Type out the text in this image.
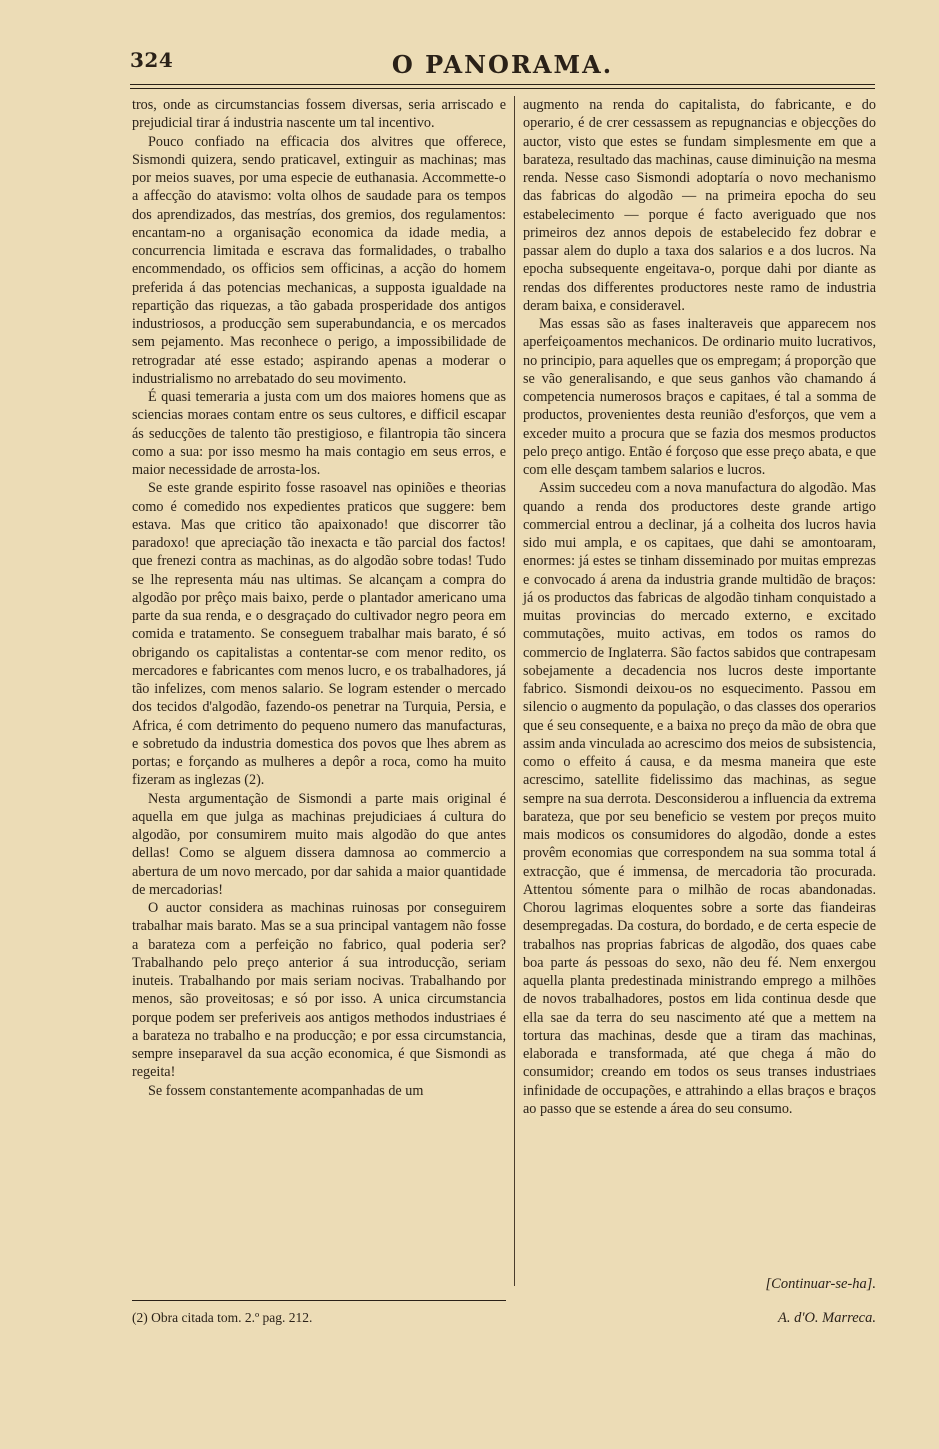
324	O PANORAMA.

tros, onde as circumstancias fossem diversas, seria arriscado e prejudicial tirar á industria nascente um tal incentivo.

Pouco confiado na efficacia dos alvitres que offerece, Sismondi quizera, sendo praticavel, extinguir as machinas; mas por meios suaves, por uma especie de euthanasia. Accommette-o a affecção do atavismo: volta olhos de saudade para os tempos dos aprendizados, das mestrías, dos gremios, dos regulamentos: encantam-no a organisação economica da idade media, a concurrencia limitada e escrava das formalidades, o trabalho encommendado, os officios sem officinas, a acção do homem preferida á das potencias mechanicas, a supposta igualdade na repartição das riquezas, a tão gabada prosperidade dos antigos industriosos, a producção sem superabundancia, e os mercados sem pejamento. Mas reconhece o perigo, a impossibilidade de retrogradar até esse estado; aspirando apenas a moderar o industrialismo no arrebatado do seu movimento.

É quasi temeraria a justa com um dos maiores homens que as sciencias moraes contam entre os seus cultores, e difficil escapar ás seducções de talento tão prestigioso, e filantropia tão sincera como a sua: por isso mesmo ha mais contagio em seus erros, e maior necessidade de arrosta-los.

Se este grande espirito fosse rasoavel nas opiniões e theorias como é comedido nos expedientes praticos que suggere: bem estava. Mas que critico tão apaixonado! que discorrer tão paradoxo! que apreciação tão inexacta e tão parcial dos factos! que frenezi contra as machinas, as do algodão sobre todas! Tudo se lhe representa máu nas ultimas. Se alcançam a compra do algodão por prêço mais baixo, perde o plantador americano uma parte da sua renda, e o desgraçado do cultivador negro peora em comida e tratamento. Se conseguem trabalhar mais barato, é só obrigando os capitalistas a contentar-se com menor redito, os mercadores e fabricantes com menos lucro, e os trabalhadores, já tão infelizes, com menos salario. Se logram estender o mercado dos tecidos d'algodão, fazendo-os penetrar na Turquia, Persia, e Africa, é com detrimento do pequeno numero das manufacturas, e sobretudo da industria domestica dos povos que lhes abrem as portas; e forçando as mulheres a depôr a roca, como ha muito fizeram as inglezas (2).

Nesta argumentação de Sismondi a parte mais original é aquella em que julga as machinas prejudiciaes á cultura do algodão, por consumirem muito mais algodão do que antes dellas! Como se alguem dissera damnosa ao commercio a abertura de um novo mercado, por dar sahida a maior quantidade de mercadorias!

O auctor considera as machinas ruinosas por conseguirem trabalhar mais barato. Mas se a sua principal vantagem não fosse a barateza com a perfeição no fabrico, qual poderia ser? Trabalhando pelo preço anterior á sua introducção, seriam inuteis. Trabalhando por mais seriam nocivas. Trabalhando por menos, são proveitosas; e só por isso. A unica circumstancia porque podem ser preferiveis aos antigos methodos industriaes é a barateza no trabalho e na producção; e por essa circumstancia, sempre inseparavel da sua acção economica, é que Sismondi as regeita!

Se fossem constantemente acompanhadas de um

augmento na renda do capitalista, do fabricante, e do operario, é de crer cessassem as repugnancias e objecções do auctor, visto que estes se fundam simplesmente em que a barateza, resultado das machinas, cause diminuição na mesma renda. Nesse caso Sismondi adoptaría o novo mechanismo das fabricas do algodão — na primeira epocha do seu estabelecimento — porque é facto averiguado que nos primeiros dez annos depois de estabelecido fez dobrar e passar alem do duplo a taxa dos salarios e a dos lucros. Na epocha subsequente engeitava-o, porque dahi por diante as rendas dos differentes productores neste ramo de industria deram baixa, e consideravel.

Mas essas são as fases inalteraveis que apparecem nos aperfeiçoamentos mechanicos. De ordinario muito lucrativos, no principio, para aquelles que os empregam; á proporção que se vão generalisando, e que seus ganhos vão chamando á competencia numerosos braços e capitaes, é tal a somma de productos, provenientes desta reunião d'esforços, que vem a exceder muito a procura que se fazia dos mesmos productos pelo preço antigo. Então é forçoso que esse preço abata, e que com elle desçam tambem salarios e lucros.

Assim succedeu com a nova manufactura do algodão. Mas quando a renda dos productores deste grande artigo commercial entrou a declinar, já a colheita dos lucros havia sido mui ampla, e os capitaes, que dahi se amontoaram, enormes: já estes se tinham disseminado por muitas emprezas e convocado á arena da industria grande multidão de braços: já os productos das fabricas de algodão tinham conquistado a muitas provincias do mercado externo, e excitado commutações, muito activas, em todos os ramos do commercio de Inglaterra. São factos sabidos que contrapesam sobejamente a decadencia nos lucros deste importante fabrico. Sismondi deixou-os no esquecimento. Passou em silencio o augmento da população, o das classes dos operarios que é seu consequente, e a baixa no preço da mão de obra que assim anda vinculada ao acrescimo dos meios de subsistencia, como o effeito á causa, e da mesma maneira que este acrescimo, satellite fidelissimo das machinas, as segue sempre na sua derrota. Desconsiderou a influencia da extrema barateza, que por seu beneficio se vestem por preços muito mais modicos os consumidores do algodão, donde a estes provêm economias que correspondem na sua somma total á extracção, que é immensa, de mercadoria tão procurada. Attentou sómente para o milhão de rocas abandonadas. Chorou lagrimas eloquentes sobre a sorte das fiandeiras desempregadas. Da costura, do bordado, e de certa especie de trabalhos nas proprias fabricas de algodão, dos quaes cabe boa parte ás pessoas do sexo, não deu fé. Nem enxergou aquella planta predestinada ministrando emprego a milhões de novos trabalhadores, postos em lida continua desde que ella sae da terra do seu nascimento até que a mettem na tortura das machinas, desde que a tiram das machinas, elaborada e transformada, até que chega á mão do consumidor; creando em todos os seus transes industriaes infinidade de occupações, e attrahindo a ellas braços e braços ao passo que se estende a área do seu consumo.

[Continuar-se-ha].
A. d'O. Marreca.
(2) Obra citada tom. 2.º pag. 212.
